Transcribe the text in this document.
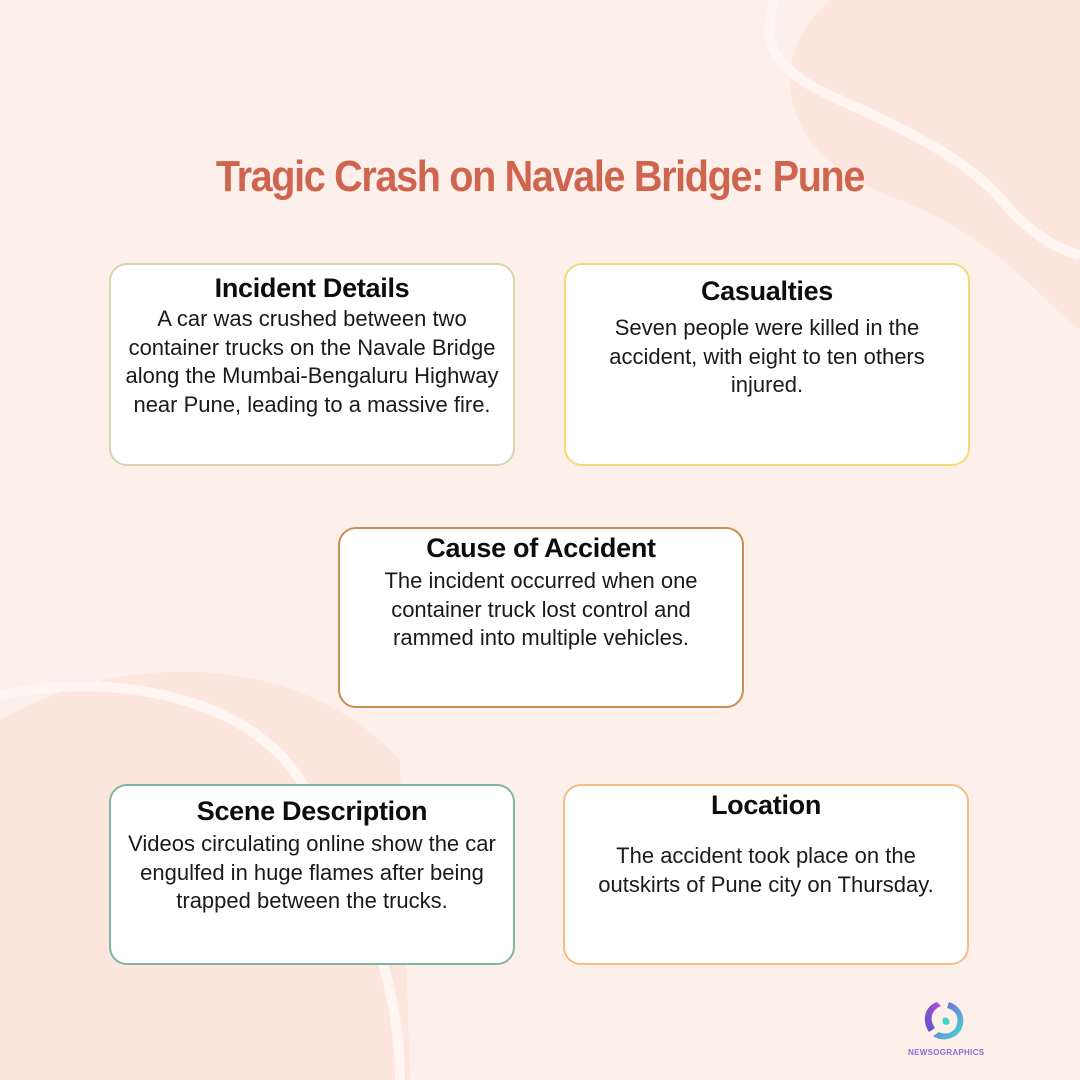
Tragic Crash on Navale Bridge: Pune
Incident Details

A car was crushed between two container trucks on the Navale Bridge along the Mumbai-Bengaluru Highway near Pune, leading to a massive fire.

Casualties

Seven people were killed in the accident, with eight to ten others injured.

Cause of Accident

The incident occurred when one container truck lost control and rammed into multiple vehicles.

Scene Description

Videos circulating online show the car engulfed in huge flames after being trapped between the trucks.

Location

The accident took place on the outskirts of Pune city on Thursday.

NEWSOGRAPHICS
